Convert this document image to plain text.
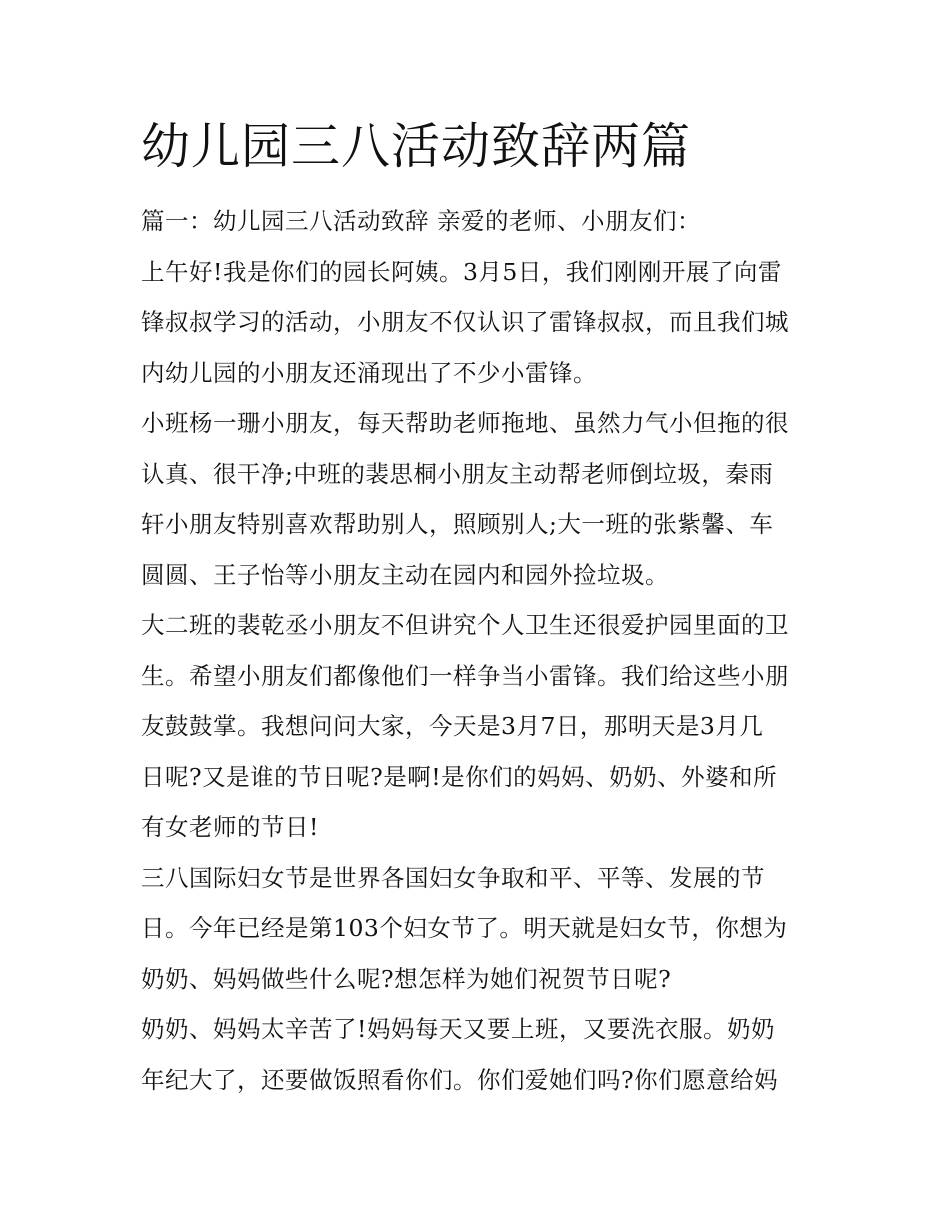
幼儿园三八活动致辞两篇
篇一：幼儿园三八活动致辞 亲爱的老师、小朋友们：
上午好!我是你们的园长阿姨。3月5日，我们刚刚开展了向雷
锋叔叔学习的活动，小朋友不仅认识了雷锋叔叔，而且我们城
内幼儿园的小朋友还涌现出了不少小雷锋。
小班杨一珊小朋友，每天帮助老师拖地、虽然力气小但拖的很
认真、很干净;中班的裴思桐小朋友主动帮老师倒垃圾，秦雨
轩小朋友特别喜欢帮助别人，照顾别人;大一班的张紫馨、车
圆圆、王子怡等小朋友主动在园内和园外捡垃圾。
大二班的裴乾丞小朋友不但讲究个人卫生还很爱护园里面的卫
生。希望小朋友们都像他们一样争当小雷锋。我们给这些小朋
友鼓鼓掌。我想问问大家，今天是3月7日，那明天是3月几
日呢?又是谁的节日呢?是啊!是你们的妈妈、奶奶、外婆和所
有女老师的节日!
三八国际妇女节是世界各国妇女争取和平、平等、发展的节
日。今年已经是第103个妇女节了。明天就是妇女节，你想为
奶奶、妈妈做些什么呢?想怎样为她们祝贺节日呢?
奶奶、妈妈太辛苦了!妈妈每天又要上班，又要洗衣服。奶奶
年纪大了，还要做饭照看你们。你们爱她们吗?你们愿意给妈
